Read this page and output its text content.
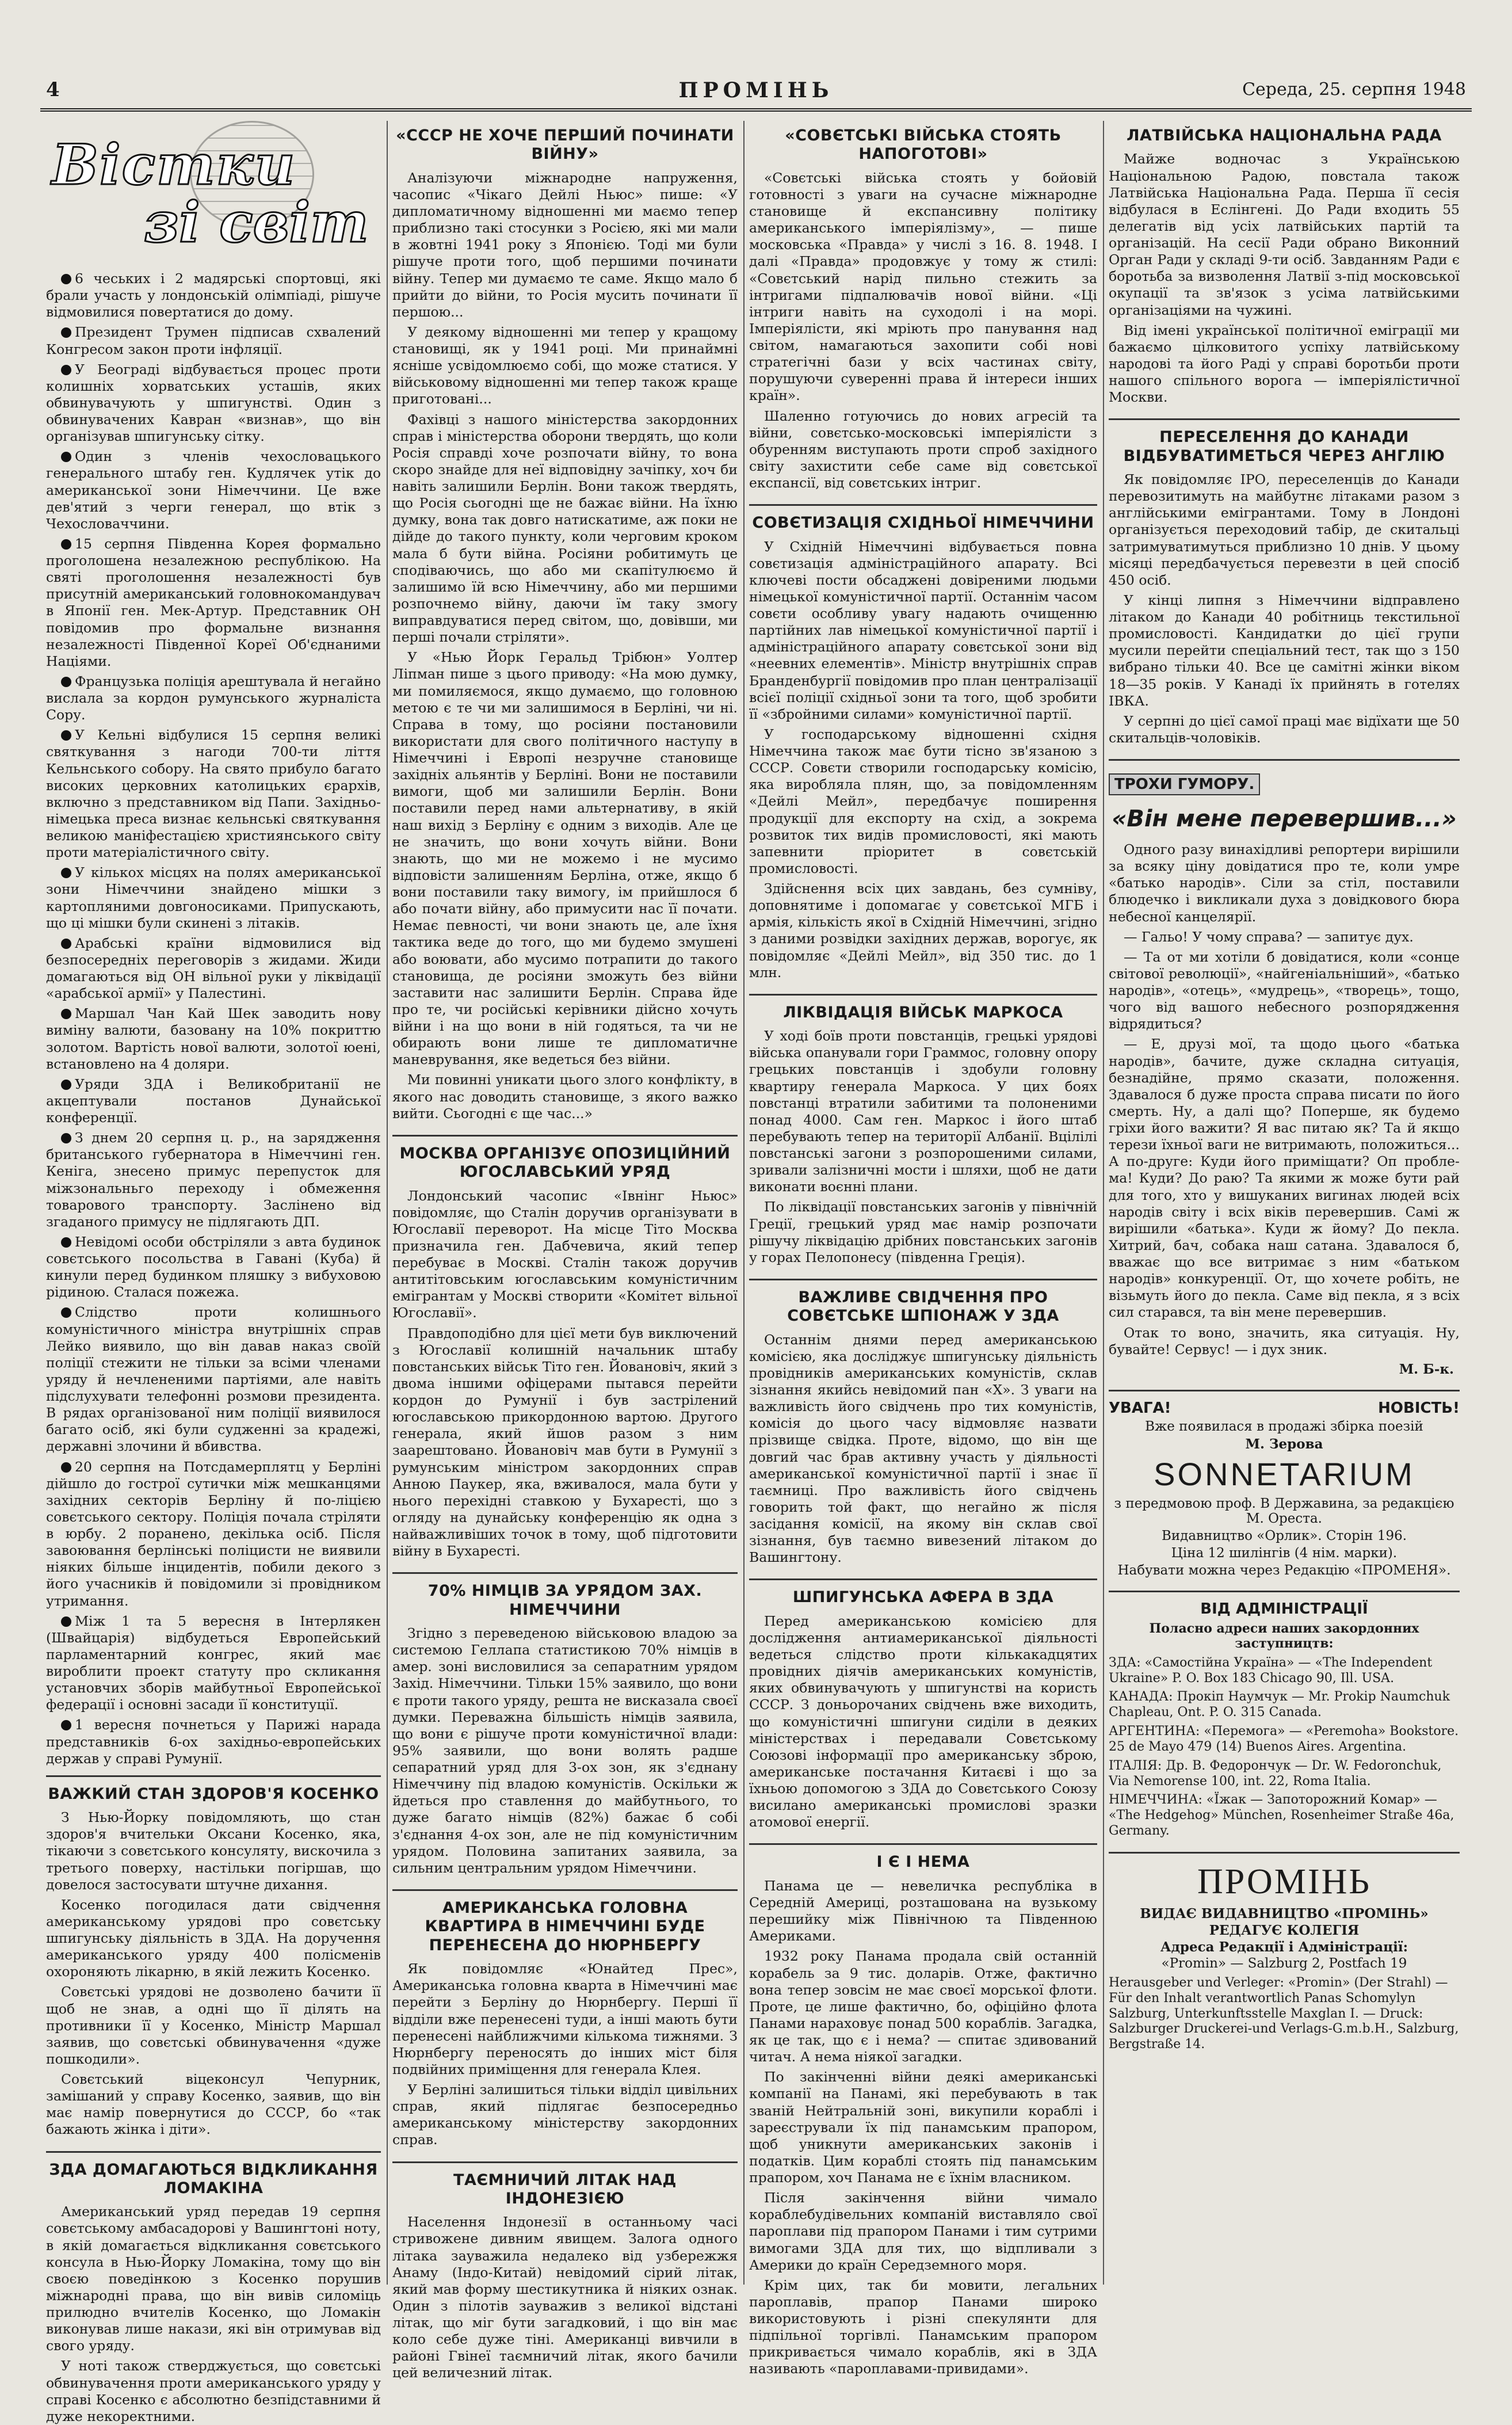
4	ПРОМІНЬ	Середа, 25. серпня 1948
Вістки
зі світ

6 чеських і 2 мадярські спортовці, які брали участь у лондонській олімпіаді, рішуче відмовилися повертатися до дому.

Президент Трумен підписав схвалений Конгресом закон проти інфляції.

У Београді відбувається процес проти колишніх хорватських усташів, яких обвинувачують у шпигунстві. Один з обвинувачених Кавран «визнав», що він організував шпигунську сітку.

Один з членів чехословацького генерального штабу ген. Кудлячек утік до американської зони Німеччини. Це вже дев'ятий з черги генерал, що втік з Чехословаччини.

15 серпня Південна Корея формально проголошена незалежною республікою. На святі проголошення незалежності був присутній американський головнокомандувач в Японії ген. Мек-Артур. Представник ОН повідомив про формальне визнання незалежності Південної Кореї Об'єднаними Націями.

Французька поліція арештувала й негайно вислала за кордон румунського журналіста Сору.

У Кельні відбулися 15 серпня великі святкування з нагоди 700-ти ліття Кельнського собору. На свято прибуло багато високих церковних католицьких єрархів, включно з представником від Папи. Західньо-німецька преса визнає кельнські святкування великою маніфестацією християнського світу проти матеріалістичного світу.

У кількох місцях на полях американської зони Німеччини знайдено мішки з картопляними довгоносиками. Припускають, що ці мішки були скинені з літаків.

Арабські країни відмовилися від безпосередніх переговорів з жидами. Жиди домагаються від ОН вільної руки у ліквідації «арабської армії» у Палестині.

Маршал Чан Кай Шек заводить нову виміну валюти, базовану на 10% покриттю золотом. Вартість нової валюти, золотої юені, встановлено на 4 доляри.

Уряди ЗДА і Великобританії не акцептували постанов Дунайської конференції.

З днем 20 серпня ц. р., на зарядження британського губернатора в Німеччині ген. Кеніга, знесено примус перепусток для міжзональньго переходу і обмеження товарового транспорту. Заслінено від згаданого примусу не підлягають ДП.

Невідомі особи обстріляли з авта будинок совєтського посольства в Гавані (Куба) й кинули перед будинком пляшку з вибуховою рідиною. Сталася пожежа.

Слідство проти колишнього комуністичного міністра внутрішніх справ Лейко виявило, що він давав наказ своїй поліції стежити не тільки за всіми членами уряду й нечлененими партіями, але навіть підслухувати телефонні розмови президента. В рядах організованої ним поліції виявилося багато осіб, які були судженні за крадежі, державні злочини й вбивства.

20 серпня на Потсдамерплятц у Берліні дійшло до гострої сутички між мешканцями західних секторів Берліну й по-ліцією совєтського сектору. Поліція почала стріляти в юрбу. 2 поранено, декілька осіб. Після завоювання берлінські поліцисти не виявили ніяких більше інцидентів, побили декого з його учасників й повідомили зі провідником утримання.

Між 1 та 5 вересня в Інтерлякен (Швайцарія) відбудеться Европейський парламентарний конгрес, який має вироблити проект статуту про скликання установчих зборів майбутньої Европейської федерації і основні засади її конституції.

1 вересня почнеться у Парижі нарада представників 6-ох західньо-европейських держав у справі Румунії.

ВАЖКИЙ СТАН ЗДОРОВ'Я КОСЕНКО

З Нью-Йорку повідомляють, що стан здоров'я вчительки Оксани Косенко, яка, тікаючи з совєтського консуляту, вискочила з третього поверху, настільки погіршав, що довелося застосувати штучне дихання.

Косенко погодилася дати свідчення американському урядові про совєтську шпигунську діяльність в ЗДА. На доручення американського уряду 400 полісменів охороняють лікарню, в якій лежить Косенко.

Совєтські урядові не дозволено бачити її щоб не знав, а одні що її ділять на противники її у Косенко, Міністр Маршал заявив, що совєтські обвинувачення «дуже пошкодили».

Совєтський віцеконсул Чепурник, замішаний у справу Косенко, заявив, що він має намір повернутися до СССР, бо «так бажають жінка і діти».

ЗДА ДОМАГАЮТЬСЯ ВІДКЛИКАННЯ ЛОМАКІНА

Американський уряд передав 19 серпня совєтському амбасадорові у Вашингтоні ноту, в якій домагається відкликання совєтського консула в Нью-Йорку Ломакіна, тому що він своєю поведінкою з Косенко порушив міжнародні права, що він вивів силоміць прилюдно вчителів Косенко, що Ломакін виконував лише накази, які він отримував від свого уряду.

У ноті також стверджується, що совєтські обвинувачення проти американського уряду у справі Косенко є абсолютно безпідставними й дуже некоректними.

«СССР НЕ ХОЧЕ ПЕРШИЙ ПОЧИНАТИ ВІЙНУ»

Аналізуючи міжнародне напруження, часопис «Чікаго Дейлі Ньюс» пише: «У дипломатичному відношенні ми маємо тепер приблизно такі стосунки з Росією, які ми мали в жовтні 1941 року з Японією. Тоді ми були рішуче проти того, щоб першими починати війну. Тепер ми думаємо те саме. Якщо мало б прийти до війни, то Росія мусить починати її першою...

У деякому відношенні ми тепер у кращому становищі, як у 1941 році. Ми принаймні ясніше усвідомлюємо собі, що може статися. У військовому відношенні ми тепер також краще приготовані...

Фахівці з нашого міністерства закордонних справ і міністерства оборони твердять, що коли Росія справді хоче розпочати війну, то вона скоро знайде для неї відповідну зачіпку, хоч би навіть залишили Берлін. Вони також твердять, що Росія сьогодні ще не бажає війни. На їхню думку, вона так довго натискатиме, аж поки не дійде до такого пункту, коли черговим кроком мала б бути війна. Росіяни робитимуть це сподіваючись, що або ми скапітулюємо й залишимо їй всю Німеччину, або ми першими розпочнемо війну, даючи їм таку змогу виправдуватися перед світом, що, довівши, ми перші почали стріляти».

У «Нью Йорк Геральд Трібюн» Уолтер Ліпман пише з цього приводу: «На мою думку, ми помиляємося, якщо думаємо, що головною метою є те чи ми залишимося в Берліні, чи ні. Справа в тому, що росіяни постановили використати для свого політичного наступу в Німеччині і Европі незручне становище західніх альянтів у Берліні. Вони не поставили вимоги, щоб ми залишили Берлін. Вони поставили перед нами альтернативу, в якій наш вихід з Берліну є одним з виходів. Але це не значить, що вони хочуть війни. Вони знають, що ми не можемо і не мусимо відповісти залишенням Берліна, отже, якщо б вони поставили таку вимогу, ім прийшлося б або почати війну, або примусити нас її почати. Немає певності, чи вони знають це, але їхня тактика веде до того, що ми будемо змушені або воювати, або мусимо потрапити до такого становища, де росіяни зможуть без війни заставити нас залишити Берлін. Справа йде про те, чи російські керівники дійсно хочуть війни і на що вони в ній годяться, та чи не обирають вони лише те дипломатичне маневрування, яке ведеться без війни.

Ми повинні уникати цього злого конфлікту, в якого нас доводить становище, з якого важко вийти. Сьогодні є ще час...»

МОСКВА ОРГАНІЗУЄ ОПОЗИЦІЙНИЙ ЮГОСЛАВСЬКИЙ УРЯД

Лондонський часопис «Івнінг Ньюс» повідомляє, що Сталін доручив організувати в Югославії переворот. На місце Тіто Москва призначила ген. Дабчевича, який тепер перебуває в Москві. Сталін також доручив антитітовським югославським комуністичним емігрантам у Москві створити «Комітет вільної Югославії».

Правдоподібно для цієї мети був виключений з Югославії колишній начальник штабу повстанських військ Тіто ген. Йовановіч, який з двома іншими офіцерами пытався перейти кордон до Румунії і був застрілений югославською прикордонною вартою. Другого генерала, який йшов разом з ним заарештовано. Йовановіч мав бути в Румунії з румунським міністром закордонних справ Анною Паукер, яка, вживалося, мала бути у нього перехідні ставкою у Бухаресті, що з огляду на дунайську конференцію як одна з найважливіших точок в тому, щоб підготовити війну в Бухаресті.

70% НІМЦІВ ЗА УРЯДОМ ЗАХ. НІМЕЧЧИНИ

Згідно з переведеною військовою владою за системою Геллапа статистикою 70% німців в амер. зоні висловилися за сепаратним урядом Захід. Німеччини. Тільки 15% заявило, що вони є проти такого уряду, решта не висказала своєї думки. Переважна більшість німців заявила, що вони є рішуче проти комуністичної влади: 95% заявили, що вони волять радше сепаратний уряд для 3-ох зон, як з'єднану Німеччину під владою комуністів. Оскільки ж йдеться про ставлення до майбутнього, то дуже багато німців (82%) бажає б собі з'єднання 4-ох зон, але не під комуністичним урядом. Половина запитаних заявила, за сильним центральним урядом Німеччини.

АМЕРИКАНСЬКА ГОЛОВНА КВАРТИРА В НІМЕЧЧИНІ БУДЕ ПЕРЕНЕСЕНА ДО НЮРНБЕРГУ

Як повідомляє «Юнайтед Прес», Американська головна кварта в Німеччині має перейти з Берліну до Нюрнбергу. Перші її відділи вже перенесені туди, а інші мають бути перенесені найближчими кількома тижнями. З Нюрнбергу переносять до інших міст біля подвійних приміщення для генерала Клея.

У Берліні залишиться тільки відділ цивільних справ, який підлягає безпосередньо американському міністерству закордонних справ.

ТАЄМНИЧИЙ ЛІТАК НАД ІНДОНЕЗІЄЮ

Населення Індонезії в останньому часі стривожене дивним явищем. Залога одного літака зауважила недалеко від узбережжя Анаму (Індо-Китай) невідомий сірий літак, який мав форму шестикутника й ніяких ознак. Один з пілотів зауважив з великої відстані літак, що міг бути загадковий, і що він має коло себе дуже тіні. Американці вивчили в районі Гвінеї таємничий літак, якого бачили цей величезний літак.

«СОВЄТСЬКІ ВІЙСЬКА СТОЯТЬ НАПОГОТОВІ»

«Совєтські війська стоять у бойовій готовності з уваги на сучасне міжнародне становище й експансивну політику американського імперіялізму», — пише московська «Правда» у числі з 16. 8. 1948. І далі «Правда» продовжує у тому ж стилі: «Совєтський нарід пильно стежить за інтригами підпалювачів нової війни. «Ці інтриги навіть на суходолі і на морі. Імперіялісти, які мріють про панування над світом, намагаються захопити собі нові стратегічні бази у всіх частинах світу, порушуючи суверенні права й інтереси інших країн».

Шаленно готуючись до нових агресій та війни, совєтсько-московські імперіялісти з обуренням виступають проти спроб західного світу захистити себе саме від совєтської експансії, від совєтських інтриг.

СОВЄТИЗАЦІЯ СХІДНЬОЇ НІМЕЧЧИНИ

У Східній Німеччині відбувається повна совєтизація адміністраційного апарату. Всі ключеві пости обсаджені довіреними людьми німецької комуністичної партії. Останнім часом совєти особливу увагу надають очищенню партійних лав німецької комуністичної партії і адміністраційного апарату совєтської зони від «неевних елементів». Міністр внутрішніх справ Бранденбургії повідомив про план централізації всієї поліції східньої зони та того, щоб зробити її «збройними силами» комуністичної партії.

У господарському відношенні східня Німеччина також має бути тісно зв'язаною з СССР. Совєти створили господарську комісію, яка виробляла плян, що, за повідомленням «Дейлі Мейл», передбачує поширення продукції для експорту на схід, а зокрема розвиток тих видів промисловості, які мають запевнити пріоритет в совєтській промисловості.

Здійснення всіх цих завдань, без сумніву, доповнятиме і допомагає у совєтської МГБ і армія, кількість якої в Східній Німеччині, згідно з даними розвідки західних держав, ворогує, як повідомляє «Дейлі Мейл», від 350 тис. до 1 млн.

ЛІКВІДАЦІЯ ВІЙСЬК МАРКОСА

У ході боїв проти повстанців, грецькі урядові війська опанували гори Граммос, головну опору грецьких повстанців і здобули головну квартиру генерала Маркоса. У цих боях повстанці втратили забитими та полоненими понад 4000. Сам ген. Маркос і його штаб перебувають тепер на території Албанії. Вцілілі повстанські загони з розпорошеними силами, зривали залізничні мости і шляхи, щоб не дати виконати воєнні плани.

По ліквідації повстанських загонів у північній Греції, грецький уряд має намір розпочати рішучу ліквідацію дрібних повстанських загонів у горах Пелопонесу (південна Греція).

ВАЖЛИВЕ СВІДЧЕННЯ ПРО СОВЄТСЬКЕ ШПІОНАЖ У ЗДА

Останнім днями перед американською комісією, яка досліджує шпигунську діяльність провідників американських комуністів, склав зізнання якийсь невідомий пан «Х». З уваги на важливість його свідчень про тих комуністів, комісія до цього часу відмовляє назвати прізвище свідка. Проте, відомо, що він ще довгий час брав активну участь у діяльності американської комуністичної партії і знає її таємниці. Про важливість його свідчень говорить той факт, що негайно ж після засідання комісії, на якому він склав свої зізнання, був таємно вивезений літаком до Вашингтону.

ШПИГУНСЬКА АФЕРА В ЗДА

Перед американською комісією для дослідження антиамериканської діяльності ведеться слідство проти кількакадцятих провідних діячів американських комуністів, яких обвинувачують у шпигунстві на користь СССР. З доньорочаних свідчень вже виходить, що комуністичні шпигуни сиділи в деяких міністерствах і передавали Совєтському Союзові інформації про американську зброю, американське постачання Китаєві і що за їхньою допомогою з ЗДА до Совєтського Союзу висилано американські промислові зразки атомової енергії.

І Є І НЕМА

Панама це — невеличка республіка в Середній Америці, розташована на вузькому перешийку між Північною та Південною Америками.

1932 року Панама продала свій останній корабель за 9 тис. доларів. Отже, фактично вона тепер зовсім не має своєї морської флоти. Проте, це лише фактично, бо, офіційно флота Панами нараховує понад 500 кораблів. Загадка, як це так, що є і нема? — спитає здивований читач. А нема ніякої загадки.

По закінченні війни деякі американські компанії на Панамі, які перебувають в так званій Нейтральній зоні, викупили кораблі і зареєстрували їх під панамським прапором, щоб уникнути американських законів і податків. Цим кораблі стоять під панамським прапором, хоч Панама не є їхнім власником.

Після закінчення війни чимало кораблебудівельних компаній виставляло свої пароплави під прапором Панами і тим сутрими вимогами ЗДА для тих, що відпливали з Америки до країн Середземного моря.

Крім цих, так би мовити, легальних пароплавів, прапор Панами широко використовують і різні спекулянти для підпільної торгівлі. Панамським прапором прикривається чимало кораблів, які в ЗДА називають «пароплавами-привидами».

ЛАТВІЙСЬКА НАЦІОНАЛЬНА РАДА

Майже водночас з Українською Національною Радою, повстала також Латвійська Національна Рада. Перша її сесія відбулася в Еслінгені. До Ради входить 55 делегатів від усіх латвійських партій та організацій. На сесії Ради обрано Виконний Орган Ради у складі 9-ти осіб. Завданням Ради є боротьба за визволення Латвії з-під московської окупації та зв'язок з усіма латвійськими організаціями на чужині.

Від імені української політичної еміграції ми бажаємо цілковитого успіху латвійському народові та його Раді у справі боротьби проти нашого спільного ворога — імперіялістичної Москви.

ПЕРЕСЕЛЕННЯ ДО КАНАДИ ВІДБУВАТИМЕТЬСЯ ЧЕРЕЗ АНГЛІЮ

Як повідомляє ІРО, переселенців до Канади перевозитимуть на майбутнє літаками разом з англійськими емігрантами. Тому в Лондоні організується переходовий табір, де скитальці затримуватимуться приблизно 10 днів. У цьому місяці передбачується перевезти в цей спосіб 450 осіб.

У кінці липня з Німеччини відправлено літаком до Канади 40 робітниць текстильної промисловості. Кандидатки до цієї групи мусили перейти спеціальний тест, так що з 150 вибрано тільки 40. Все це самітні жінки віком 18—35 років. У Канаді їх прийнять в готелях ІВКА.

У серпні до цієї самої праці має відїхати ще 50 скитальців-чоловіків.

ТРОХИ ГУМОРУ.
«Він мене перевершив...»

Одного разу винахідливі репортери вирішили за всяку ціну довідатися про те, коли умре «батько народів». Сіли за стіл, поставили блюдечко і викликали духа з довідкового бюра небесної канцелярії.

— Гальо! У чому справа? — запитує дух.

— Та от ми хотіли б довідатися, коли «сонце світової революції», «найгеніальніший», «батько народів», «отець», «мудрець», «творець», тощо, чого від вашого небесного розпорядження відрядиться?

— Е, друзі мої, та щодо цього «батька народів», бачите, дуже складна ситуація, безнадійне, прямо сказати, положення. Здавалося б дуже проста справа писати по його смерть. Ну, а далі що? Поперше, як будемо гріхи його важити? Я вас питаю як? Та й якщо терези їхньої ваги не витримають, положиться... А по-друге: Куди його приміщати? Оп пробле-ма! Куди? До раю? Та якими ж може бути рай для того, хто у вишуканих вигинах людей всіх народів світу і всіх віків перевершив. Самі ж вирішили «батька». Куди ж йому? До пекла. Хитрий, бач, собака наш сатана. Здавалося б, вважає що все витримає з ним «батьком народів» конкуренції. От, що хочете робіть, не візьмуть його до пекла. Саме від пекла, я з всіх сил старався, та він мене перевершив.

Отак то воно, значить, яка ситуація. Ну, бувайте! Сервус! — і дух зник.

М. Б-к.
УВАГА!	НОВІСТЬ!
Вже появилася в продажі збірка поезій
М. Зерова
SONNETARIUM
з передмовою проф. В Державина, за редакцією М. Ореста.
Видавництво «Орлик». Сторін 196.
Ціна 12 шилінгів (4 нім. марки).
Набувати можна через Редакцію «ПРОМЕНЯ».
ВІД АДМІНІСТРАЦІЇ
Поласно адреси наших закордонних заступництв:
ЗДА: «Самостійна Україна» — «The Independent Ukraine» P. O. Box 183 Chicago 90, Ill. USA.
КАНАДА: Прокіп Наумчук — Mr. Prokip Naumchuk Chapleau, Ont. P. O. 315 Canada.
АРГЕНТИНА: «Перемога» — «Peremoha» Bookstore. 25 de Mayo 479 (14) Buenos Aires. Argentina.
ІТАЛІЯ: Др. В. Федорончук — Dr. W. Fedoronchuk, Via Nemorense 100, int. 22, Roma Italia.
НІМЕЧЧИНА: «Їжак — Запоторожний Комар» — «The Hedgehog» München, Rosenheimer Straße 46a, Germany.
ПРОМІНЬ
ВИДАЄ ВИДАВНИЦТВО «ПРОМІНЬ»
РЕДАГУЄ КОЛЕГІЯ
Адреса Редакції і Адміністрації:
«Promin» — Salzburg 2, Postfach 19
Herausgeber und Verleger: «Promin» (Der Strahl) — Für den Inhalt verantwortlich Panas Schomylyn Salzburg, Unterkunftsstelle Maxglan I. — Druck: Salzburger Druckerei-und Verlags-G.m.b.H., Salzburg, Bergstraße 14.
